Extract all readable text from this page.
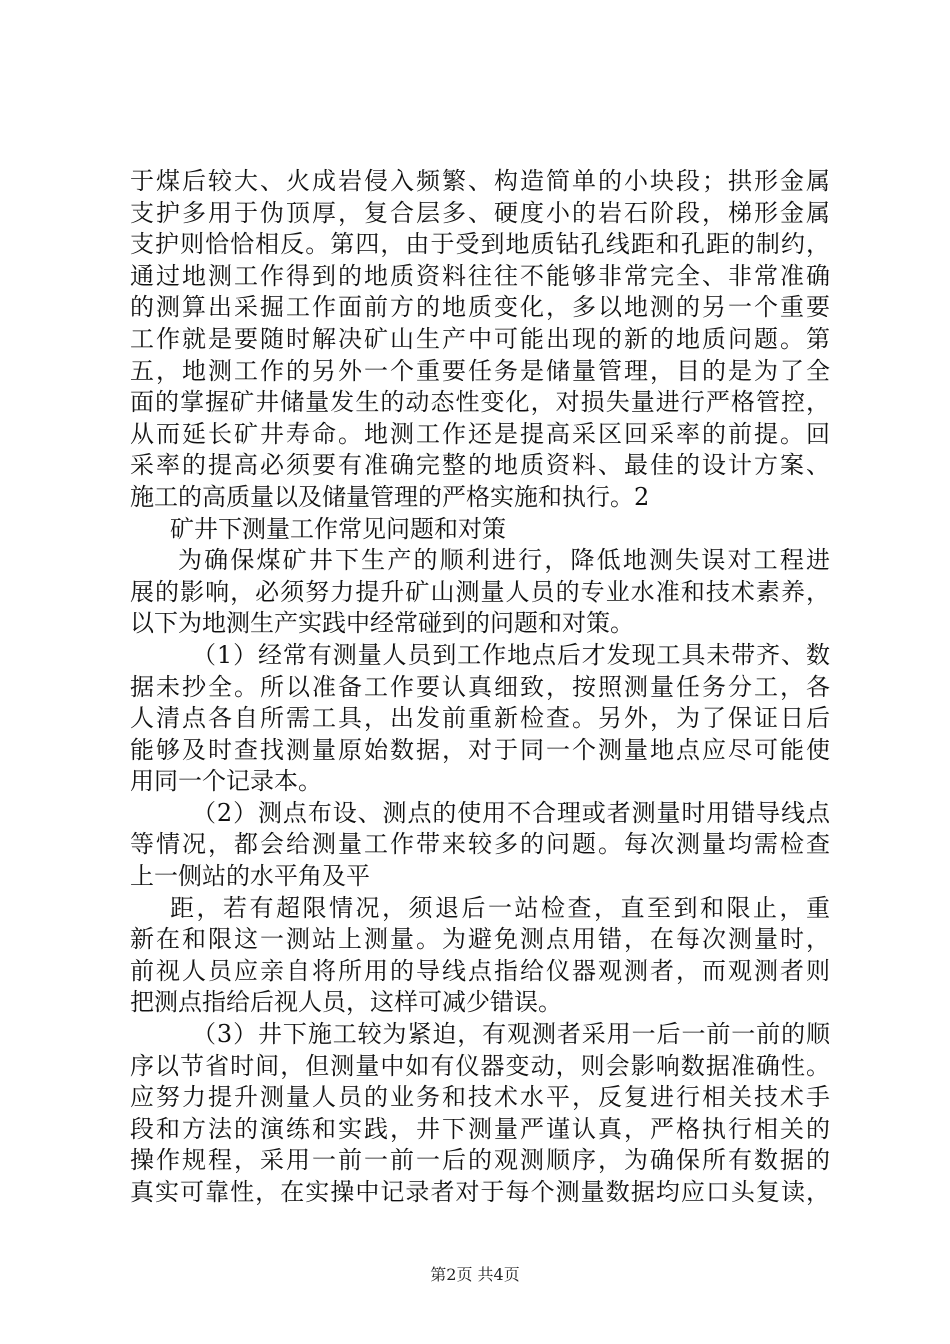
于煤后较大、火成岩侵入频繁、构造简单的小块段；拱形金属
支护多用于伪顶厚，复合层多、硬度小的岩石阶段，梯形金属
支护则恰恰相反。第四，由于受到地质钻孔线距和孔距的制约，
通过地测工作得到的地质资料往往不能够非常完全、非常准确
的测算出采掘工作面前方的地质变化，多以地测的另一个重要
工作就是要随时解决矿山生产中可能出现的新的地质问题。第
五，地测工作的另外一个重要任务是储量管理，目的是为了全
面的掌握矿井储量发生的动态性变化，对损失量进行严格管控，
从而延长矿井寿命。地测工作还是提高采区回采率的前提。回
采率的提高必须要有准确完整的地质资料、最佳的设计方案、
施工的高质量以及储量管理的严格实施和执行。2
矿井下测量工作常见问题和对策
为确保煤矿井下生产的顺利进行，降低地测失误对工程进
展的影响，必须努力提升矿山测量人员的专业水准和技术素养，
以下为地测生产实践中经常碰到的问题和对策。
（1）经常有测量人员到工作地点后才发现工具未带齐、数
据未抄全。所以准备工作要认真细致，按照测量任务分工，各
人清点各自所需工具，出发前重新检查。另外，为了保证日后
能够及时查找测量原始数据，对于同一个测量地点应尽可能使
用同一个记录本。
（2）测点布设、测点的使用不合理或者测量时用错导线点
等情况，都会给测量工作带来较多的问题。每次测量均需检查
上一侧站的水平角及平
距，若有超限情况，须退后一站检查，直至到和限止，重
新在和限这一测站上测量。为避免测点用错，在每次测量时，
前视人员应亲自将所用的导线点指给仪器观测者，而观测者则
把测点指给后视人员，这样可减少错误。
（3）井下施工较为紧迫，有观测者采用一后一前一前的顺
序以节省时间，但测量中如有仪器变动，则会影响数据准确性。
应努力提升测量人员的业务和技术水平，反复进行相关技术手
段和方法的演练和实践，井下测量严谨认真，严格执行相关的
操作规程，采用一前一前一后的观测顺序，为确保所有数据的
真实可靠性，在实操中记录者对于每个测量数据均应口头复读，
第2页 共4页
